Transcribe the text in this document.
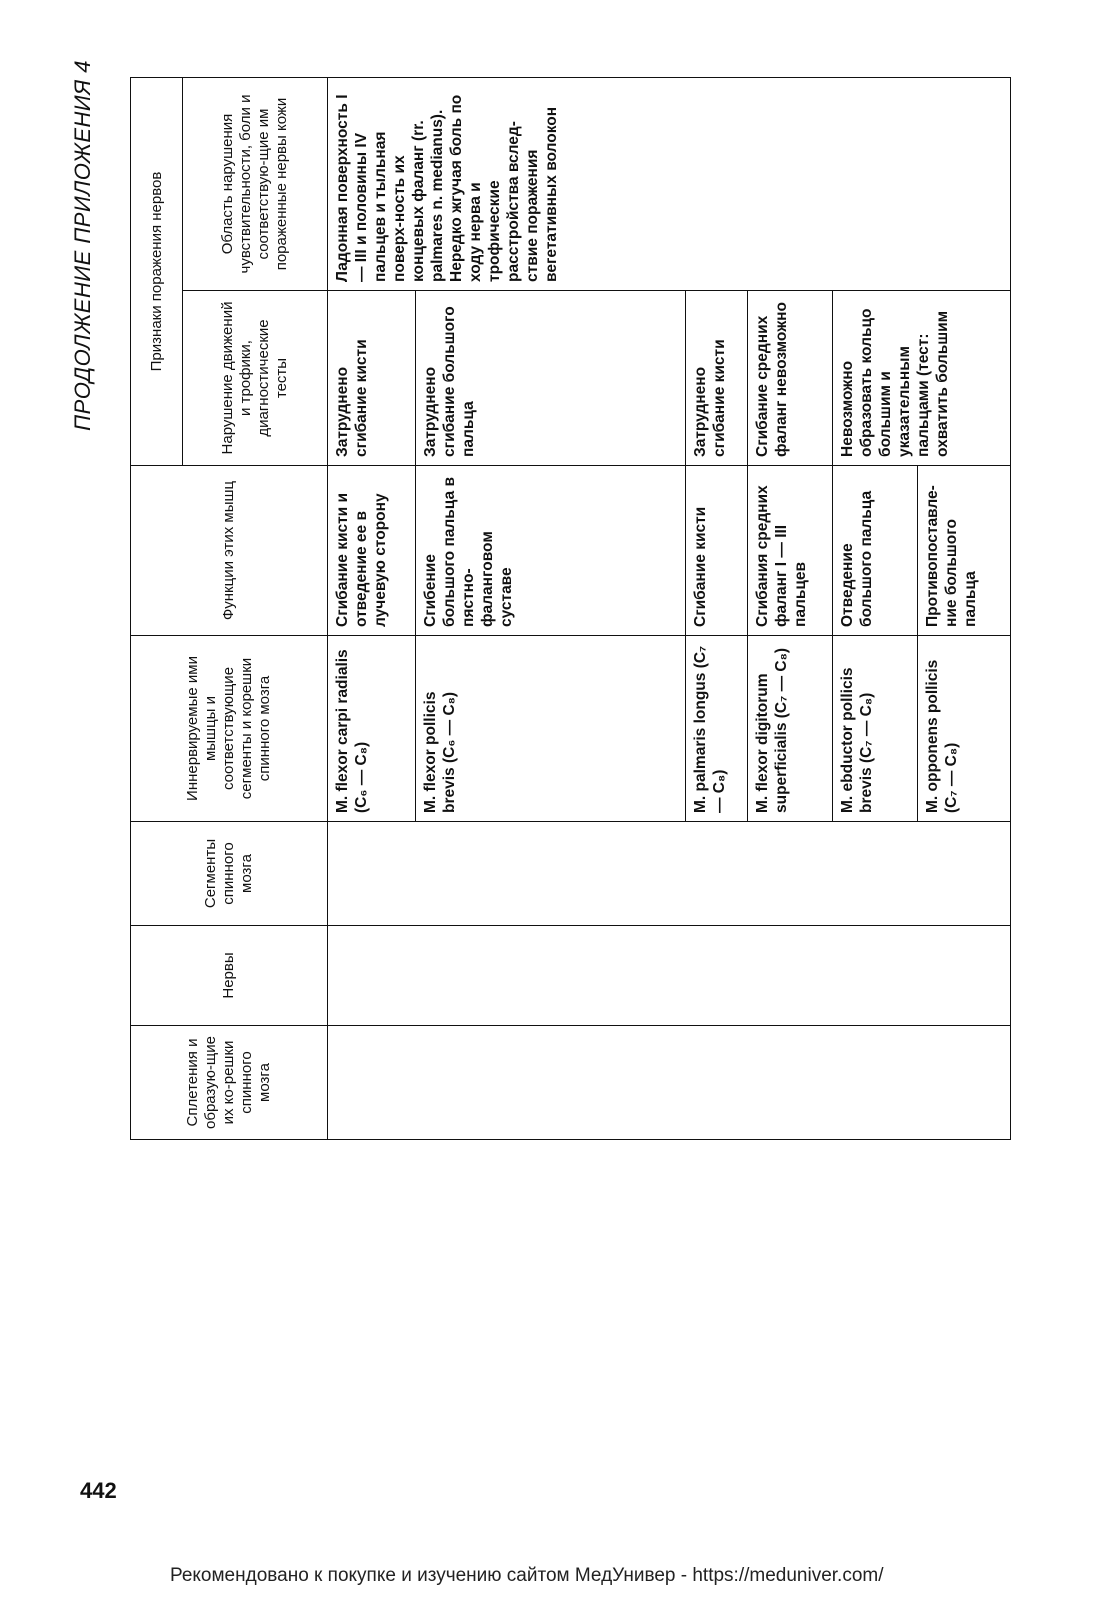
442
ПРОДОЛЖЕНИЕ ПРИЛОЖЕНИЯ 4
Сплетения и образую-щие их ко-решки спинного мозга	Нервы	Сегменты спинного мозга	Иннервируемые ими мышцы и соответствующие сегменты и корешки спинного мозга	Функции этих мышц	Признаки поражения нервов	
					Нарушение движений и трофики, диагностические тесты	Область нарушения чувствительности, боли и соответствую-щие им пораженные нервы кожи
			M. flexor carpi radialis (C₆ — C₈)	Сгибание кисти и отведение ее в лучевую сторону	Затруднено сгибание кисти	Ладонная поверхность I — III и половины IV пальцев и тыльная поверх-ность их концевых фаланг (rr. palmares n. medianus). Нередко жгучая боль по ходу нерва и трофические расстройства вслед-ствие поражения вегетативных волокон
			M. flexor pollicis brevis (C₆ — C₈)	Сгибение большого пальца в пястно-фаланговом суставе	Затруднено сгибание большого пальца	
			M. palmaris longus (C₇ — C₈)	Сгибание кисти	Затруднено сгибание кисти	
			M. flexor digitorum superficialis (C₇ — C₈)	Сгибания средних фаланг I — III пальцев	Сгибание средних фаланг невозможно	
			M. ebductor pollicis brevis (C₇ — C₈)	Отведение большого пальца	Невозможно образовать кольцо большим и указательным пальцами (тест: охватить большим	
			M. opponens pollicis (C₇ — C₈)	Противопоставле-ние большого пальца		
Рекомендовано к покупке и изучению сайтом МедУнивер - https://meduniver.com/
